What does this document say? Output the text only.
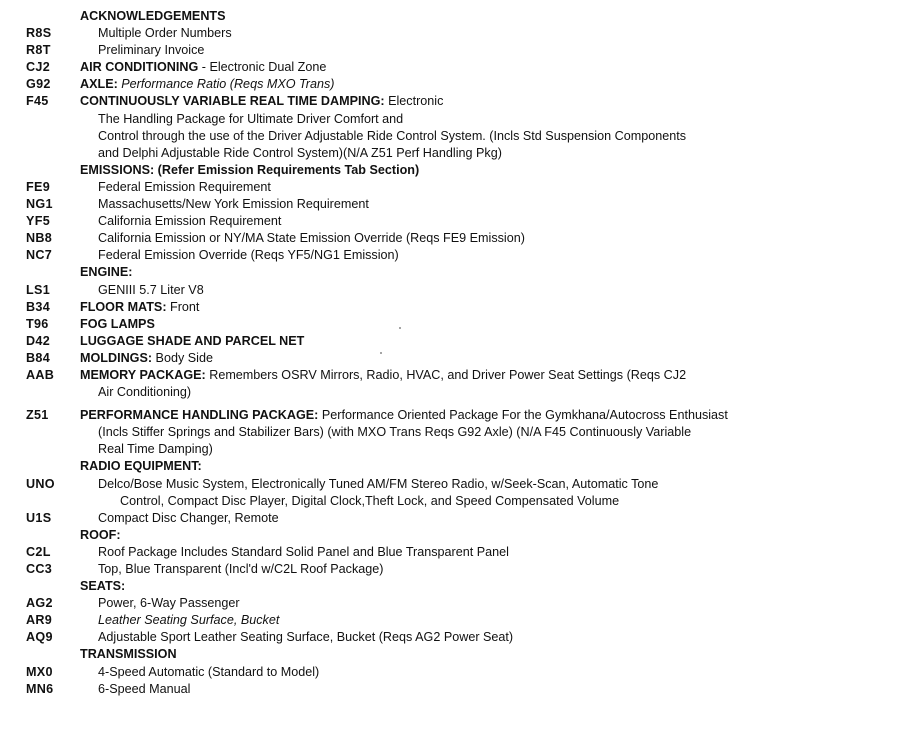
ACKNOWLEDGEMENTS
R8S	Multiple Order Numbers
R8T	Preliminary Invoice
CJ2 AIR CONDITIONING - Electronic Dual Zone
G92 AXLE: Performance Ratio (Reqs MXO Trans)
F45 CONTINUOUSLY VARIABLE REAL TIME DAMPING: Electronic
The Handling Package for Ultimate Driver Comfort and
Control through the use of the Driver Adjustable Ride Control System. (Incls Std Suspension Components
and Delphi Adjustable Ride Control System)(N/A Z51 Perf Handling Pkg)
EMISSIONS: (Refer Emission Requirements Tab Section)
FE9	Federal Emission Requirement
NG1	Massachusetts/New York Emission Requirement
YF5	California Emission Requirement
NB8	California Emission or NY/MA State Emission Override (Reqs FE9 Emission)
NC7	Federal Emission Override (Reqs YF5/NG1 Emission)
ENGINE:
LS1	GENIII 5.7 Liter V8
B34 FLOOR MATS: Front
T96 FOG LAMPS
D42 LUGGAGE SHADE AND PARCEL NET
B84 MOLDINGS: Body Side
AAB MEMORY PACKAGE: Remembers OSRV Mirrors, Radio, HVAC, and Driver Power Seat Settings (Reqs CJ2
Air Conditioning)
Z51 PERFORMANCE HANDLING PACKAGE: Performance Oriented Package For the Gymkhana/Autocross Enthusiast
(Incls Stiffer Springs and Stabilizer Bars) (with MXO Trans Reqs G92 Axle) (N/A F45 Continuously Variable
Real Time Damping)
RADIO EQUIPMENT:
UNO	Delco/Bose Music System, Electronically Tuned AM/FM Stereo Radio, w/Seek-Scan, Automatic Tone
Control, Compact Disc Player, Digital Clock,Theft Lock, and Speed Compensated Volume
U1S	Compact Disc Changer, Remote
ROOF:
C2L	Roof Package Includes Standard Solid Panel and Blue Transparent Panel
CC3	Top, Blue Transparent (Incl'd w/C2L Roof Package)
SEATS:
AG2	Power, 6-Way Passenger
AR9	Leather Seating Surface, Bucket
AQ9	Adjustable Sport Leather Seating Surface, Bucket (Reqs AG2 Power Seat)
TRANSMISSION
MX0	4-Speed Automatic (Standard to Model)
MN6	6-Speed Manual
